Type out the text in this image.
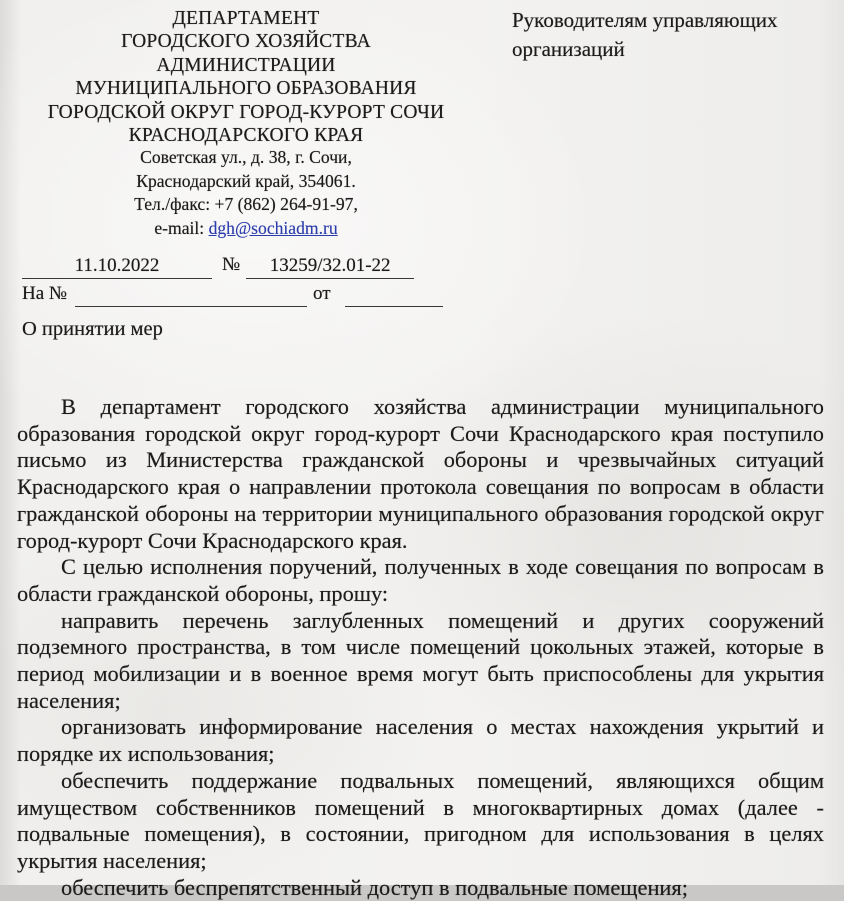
ДЕПАРТАМЕНТ
ГОРОДСКОГО ХОЗЯЙСТВА
АДМИНИСТРАЦИИ
МУНИЦИПАЛЬНОГО ОБРАЗОВАНИЯ
ГОРОДСКОЙ ОКРУГ ГОРОД-КУРОРТ СОЧИ
КРАСНОДАРСКОГО КРАЯ
Советская ул., д. 38, г. Сочи,
Краснодарский край, 354061.
Тел./факс: +7 (862) 264-91-97,
e-mail: dgh@sochiadm.ru
Руководителям управляющих организаций
11.10.2022	№	13259/32.01-22
На №	от
О принятии мер

В департамент городского хозяйства администрации муниципального образования городской округ город-курорт Сочи Краснодарского края поступило письмо из Министерства гражданской обороны и чрезвычайных ситуаций Краснодарского края о направлении протокола совещания по вопросам в области гражданской обороны на территории муниципального образования городской округ город-курорт Сочи Краснодарского края.

С целью исполнения поручений, полученных в ходе совещания по вопросам в области гражданской обороны, прошу:

направить перечень заглубленных помещений и других сооружений подземного пространства, в том числе помещений цокольных этажей, которые в период мобилизации и в военное время могут быть приспособлены для укрытия населения;

организовать информирование населения о местах нахождения укрытий и порядке их использования;

обеспечить поддержание подвальных помещений, являющихся общим имуществом собственников помещений в многоквартирных домах (далее - подвальные помещения), в состоянии, пригодном для использования в целях укрытия населения;

обеспечить беспрепятственный доступ в подвальные помещения;
